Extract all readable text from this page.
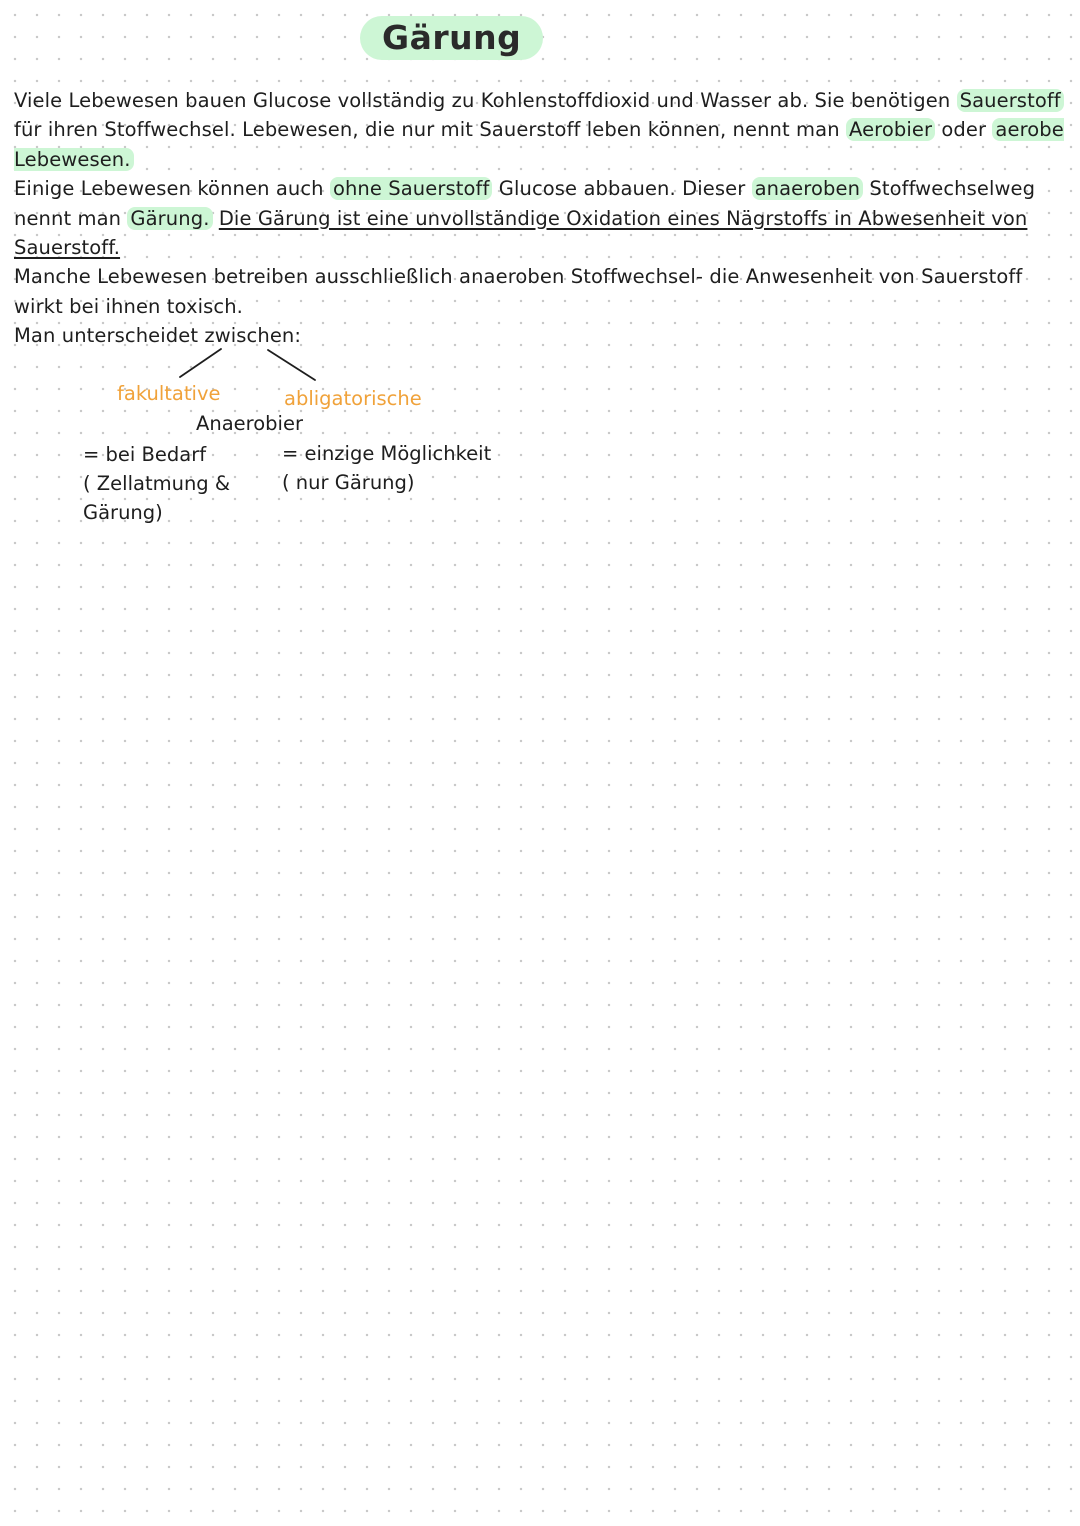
Gärung

Viele Lebewesen bauen Glucose vollständig zu Kohlenstoffdioxid und Wasser ab. Sie benötigen Sauerstoff für ihren Stoffwechsel. Lebewesen, die nur mit Sauerstoff leben können, nennt man Aerobier oder aerobe Lebewesen.

Einige Lebewesen können auch ohne Sauerstoff Glucose abbauen. Dieser anaeroben Stoffwechselweg nennt man Gärung. Die Gärung ist eine unvollständige Oxidation eines Nägrstoffs in Abwesenheit von Sauerstoff.

Manche Lebewesen betreiben ausschließlich anaeroben Stoffwechsel- die Anwesenheit von Sauerstoff wirkt bei ihnen toxisch.

Man unterscheidet zwischen:

fakultative	abligatorische
Anaerobier
= bei Bedarf
( Zellatmung &
Gärung)
= einzige Möglichkeit
( nur Gärung)
